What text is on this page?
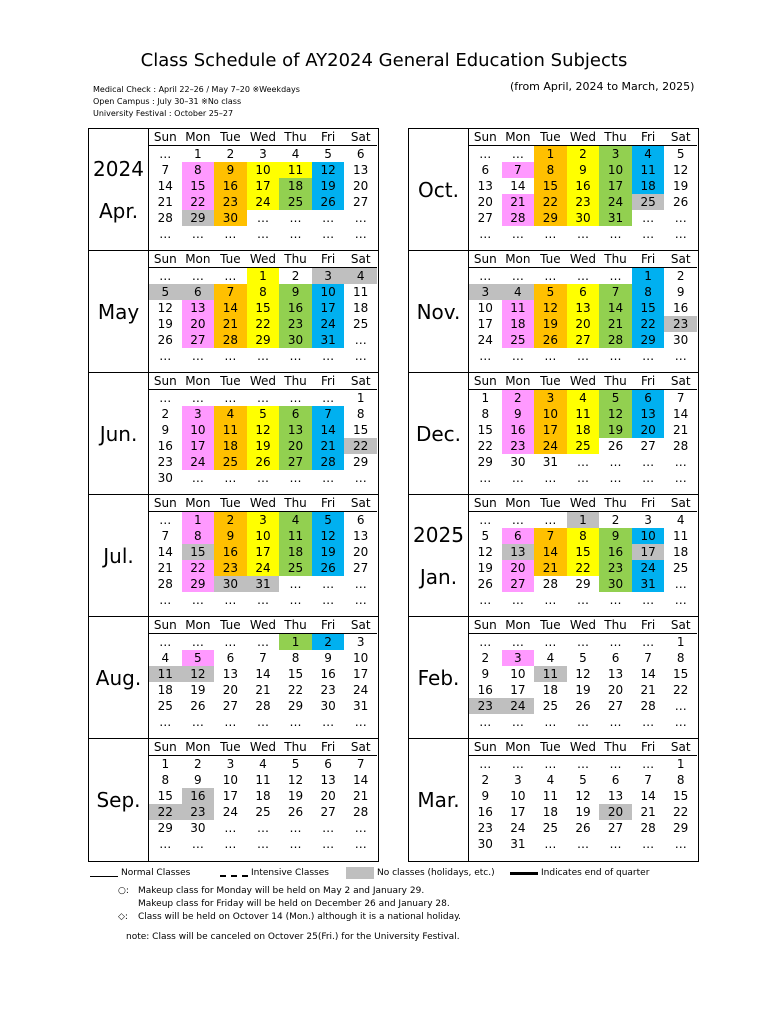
Class Schedule of AY2024 General Education Subjects
(from April, 2024 to March, 2025)
Medical Check : April 22–26 / May 7–20 ※Weekdays
Open Campus : July 30–31 ※No class
University Festival : October 25–27
2024
Apr.
Sun	Mon	Tue	Wed	Thu	Fri	Sat
…	1	2	3	4	5	6
7	8	9	10	11	12	13
14	15	16	17	18	19	20
21	22	23	24	25	26	27
28	29	30	…	…	…	…
…	…	…	…	…	…	…
May
Sun	Mon	Tue	Wed	Thu	Fri	Sat
…	…	…	1	2	3	4
5	6	7	8	9	10	11
12	13	14	15	16	17	18
19	20	21	22	23	24	25
26	27	28	29	30	31	…
…	…	…	…	…	…	…
Jun.
Sun	Mon	Tue	Wed	Thu	Fri	Sat
…	…	…	…	…	…	1
2	3	4	5	6	7	8
9	10	11	12	13	14	15
16	17	18	19	20	21	22
23	24	25	26	27	28	29
30	…	…	…	…	…	…
Jul.
Sun	Mon	Tue	Wed	Thu	Fri	Sat
…	1	2	3	4	5	6
7	8	9	10	11	12	13
14	15	16	17	18	19	20
21	22	23	24	25	26	27
28	29	30	31	…	…	…
…	…	…	…	…	…	…
Aug.
Sun	Mon	Tue	Wed	Thu	Fri	Sat
…	…	…	…	1	2	3
4	5	6	7	8	9	10
11	12	13	14	15	16	17
18	19	20	21	22	23	24
25	26	27	28	29	30	31
…	…	…	…	…	…	…
Sep.
Sun	Mon	Tue	Wed	Thu	Fri	Sat
1	2	3	4	5	6	7
8	9	10	11	12	13	14
15	16	17	18	19	20	21
22	23	24	25	26	27	28
29	30	…	…	…	…	…
…	…	…	…	…	…	…
Oct.
Sun	Mon	Tue	Wed	Thu	Fri	Sat
…	…	1	2	3	4	5
6	7	8	9	10	11	12
13	14	15	16	17	18	19
20	21	22	23	24	25	26
27	28	29	30	31	…	…
…	…	…	…	…	…	…
Nov.
Sun	Mon	Tue	Wed	Thu	Fri	Sat
…	…	…	…	…	1	2
3	4	5	6	7	8	9
10	11	12	13	14	15	16
17	18	19	20	21	22	23
24	25	26	27	28	29	30
…	…	…	…	…	…	…
Dec.
Sun	Mon	Tue	Wed	Thu	Fri	Sat
1	2	3	4	5	6	7
8	9	10	11	12	13	14
15	16	17	18	19	20	21
22	23	24	25	26	27	28
29	30	31	…	…	…	…
…	…	…	…	…	…	…
2025
Jan.
Sun	Mon	Tue	Wed	Thu	Fri	Sat
…	…	…	1	2	3	4
5	6	7	8	9	10	11
12	13	14	15	16	17	18
19	20	21	22	23	24	25
26	27	28	29	30	31	…
…	…	…	…	…	…	…
Feb.
Sun	Mon	Tue	Wed	Thu	Fri	Sat
…	…	…	…	…	…	1
2	3	4	5	6	7	8
9	10	11	12	13	14	15
16	17	18	19	20	21	22
23	24	25	26	27	28	…
…	…	…	…	…	…	…
Mar.
Sun	Mon	Tue	Wed	Thu	Fri	Sat
…	…	…	…	…	…	1
2	3	4	5	6	7	8
9	10	11	12	13	14	15
16	17	18	19	20	21	22
23	24	25	26	27	28	29
30	31	…	…	…	…	…
Normal Classes	Intensive Classes	No classes (holidays, etc.)	Indicates end of quarter
○: Makeup class for Monday will be held on May 2 and January 29.
Makeup class for Friday will be held on December 26 and January 28.
◇: Class will be held on Octover 14 (Mon.) although it is a national holiday.
note: Class will be canceled on Octover 25(Fri.) for the University Festival.
